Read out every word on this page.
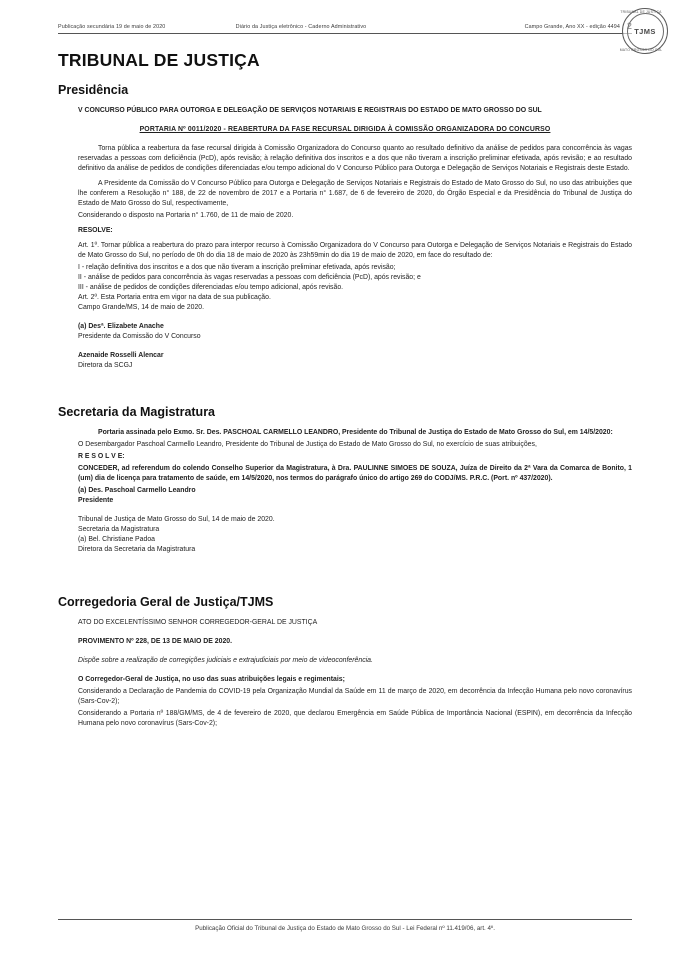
Publicação secundária 19 de maio de 2020	Diário da Justiça eletrônico - Caderno Administrativo	Campo Grande, Ano XX - edição 4494
TRIBUNAL DE JUSTIÇA
Presidência

V CONCURSO PÚBLICO PARA OUTORGA E DELEGAÇÃO DE SERVIÇOS NOTARIAIS E REGISTRAIS DO ESTADO DE MATO GROSSO DO SUL

PORTARIA Nº 0011/2020 - REABERTURA DA FASE RECURSAL DIRIGIDA À COMISSÃO ORGANIZADORA DO CONCURSO

Torna pública a reabertura da fase recursal dirigida à Comissão Organizadora do Concurso quanto ao resultado definitivo da análise de pedidos para concorrência às vagas reservadas a pessoas com deficiência (PcD), após revisão; à relação definitiva dos inscritos e a dos que não tiveram a inscrição preliminar efetivada, após revisão; e ao resultado definitivo da análise de pedidos de condições diferenciadas e/ou tempo adicional do V Concurso Público para Outorga e Delegação de Serviços Notariais e Registrais deste Estado.

A Presidente da Comissão do V Concurso Público para Outorga e Delegação de Serviços Notariais e Registrais do Estado de Mato Grosso do Sul, no uso das atribuições que lhe conferem a Resolução n° 188, de 22 de novembro de 2017 e a Portaria n° 1.687, de 6 de fevereiro de 2020, do Órgão Especial e da Presidência do Tribunal de Justiça do Estado de Mato Grosso do Sul, respectivamente,

Considerando o disposto na Portaria n° 1.760, de 11 de maio de 2020.

RESOLVE:

Art. 1º. Tornar pública a reabertura do prazo para interpor recurso à Comissão Organizadora do V Concurso para Outorga e Delegação de Serviços Notariais e Registrais do Estado de Mato Grosso do Sul, no período de 0h do dia 18 de maio de 2020 às 23h59min do dia 19 de maio de 2020, em face do resultado de:

I - relação definitiva dos inscritos e a dos que não tiveram a inscrição preliminar efetivada, após revisão;

II - análise de pedidos para concorrência às vagas reservadas a pessoas com deficiência (PcD), após revisão; e

III - análise de pedidos de condições diferenciadas e/ou tempo adicional, após revisão.

Art. 2º. Esta Portaria entra em vigor na data de sua publicação.

Campo Grande/MS, 14 de maio de 2020.

(a) Desª. Elizabete Anache

Presidente da Comissão do V Concurso

Azenaide Rosselli Alencar

Diretora da SCGJ

Secretaria da Magistratura

Portaria assinada pelo Exmo. Sr. Des. PASCHOAL CARMELLO LEANDRO, Presidente do Tribunal de Justiça do Estado de Mato Grosso do Sul, em 14/5/2020:

O Desembargador Paschoal Carmello Leandro, Presidente do Tribunal de Justiça do Estado de Mato Grosso do Sul, no exercício de suas atribuições,

R E S O L V E:

CONCEDER, ad referendum do colendo Conselho Superior da Magistratura, à Dra. PAULINNE SIMOES DE SOUZA, Juíza de Direito da 2ª Vara da Comarca de Bonito, 1 (um) dia de licença para tratamento de saúde, em 14/5/2020, nos termos do parágrafo único do artigo 269 do CODJ/MS. P.R.C. (Port. nº 437/2020).

(a) Des. Paschoal Carmello Leandro

Presidente

Tribunal de Justiça de Mato Grosso do Sul, 14 de maio de 2020.

Secretaria da Magistratura

(a) Bel. Christiane Padoa

Diretora da Secretaria da Magistratura

Corregedoria Geral de Justiça/TJMS

ATO DO EXCELENTÍSSIMO SENHOR CORREGEDOR-GERAL DE JUSTIÇA

PROVIMENTO Nº 228, DE 13 DE MAIO DE 2020.

Dispõe sobre a realização de corregições judiciais e extrajudiciais por meio de videoconferência.

O Corregedor-Geral de Justiça, no uso das suas atribuições legais e regimentais;

Considerando a Declaração de Pandemia do COVID-19 pela Organização Mundial da Saúde em 11 de março de 2020, em decorrência da Infecção Humana pelo novo coronavírus (Sars-Cov-2);

Considerando a Portaria nº 188/GM/MS, de 4 de fevereiro de 2020, que declarou Emergência em Saúde Pública de Importância Nacional (ESPIN), em decorrência da Infecção Humana pelo novo coronavírus (Sars-Cov-2);

TRIBUNAL DE JUSTIÇA
TJMS
MATO GROSSO DO SUL
Publicação Oficial do Tribunal de Justiça do Estado de Mato Grosso do Sul - Lei Federal nº 11.419/06, art. 4º.
